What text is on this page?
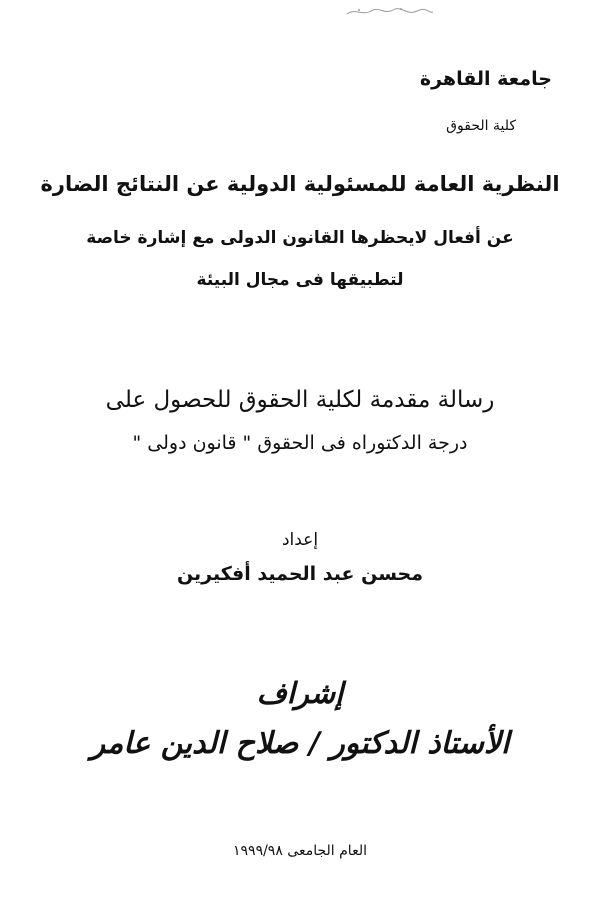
جامعة القاهرة
كلية الحقوق
النظرية العامة للمسئولية الدولية عن النتائج الضارة
عن أفعال لايحظرها القانون الدولى مع إشارة خاصة
لتطبيقها فى مجال البيئة
رسالة مقدمة لكلية الحقوق للحصول على
درجة الدكتوراه فى الحقوق " قانون دولى "
إعداد
محسن عبد الحميد أفكيرين
إشراف
الأستاذ الدكتور / صلاح الدين عامر
العام الجامعى ١٩٩٩/٩٨
